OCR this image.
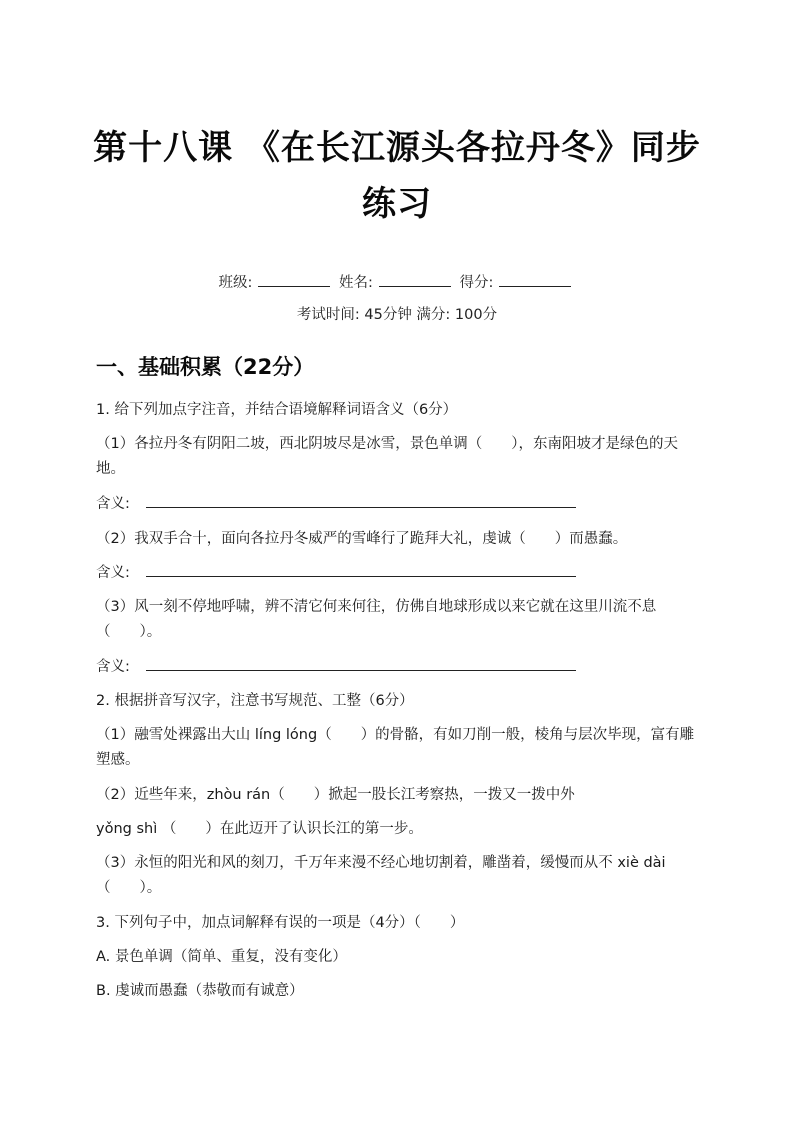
第十八课 《在长江源头各拉丹冬》同步
练习
班级:	姓名:	得分:
考试时间: 45分钟 满分: 100分
一、基础积累（22分）
1. 给下列加点字注音，并结合语境解释词语含义（6分）
（1）各拉丹冬有阴阳二坡，西北阴坡尽是冰雪，景色单调（　　），东南阳坡才是绿色的天地。
含义:
（2）我双手合十，面向各拉丹冬威严的雪峰行了跪拜大礼，虔诚（　　）而愚蠢。
含义:
（3）风一刻不停地呼啸，辨不清它何来何往，仿佛自地球形成以来它就在这里川流不息（　　）。
含义:
2. 根据拼音写汉字，注意书写规范、工整（6分）
（1）融雪处裸露出大山 líng lóng（　　）的骨骼，有如刀削一般，棱角与层次毕现，富有雕塑感。
（2）近些年来，zhòu rán（　　）掀起一股长江考察热，一拨又一拨中外
yǒng shì （　　）在此迈开了认识长江的第一步。
（3）永恒的阳光和风的刻刀，千万年来漫不经心地切割着，雕凿着，缓慢而从不 xiè dài（　　）。
3. 下列句子中，加点词解释有误的一项是（4分）（　　）
A. 景色单调（简单、重复，没有变化）
B. 虔诚而愚蠢（恭敬而有诚意）
